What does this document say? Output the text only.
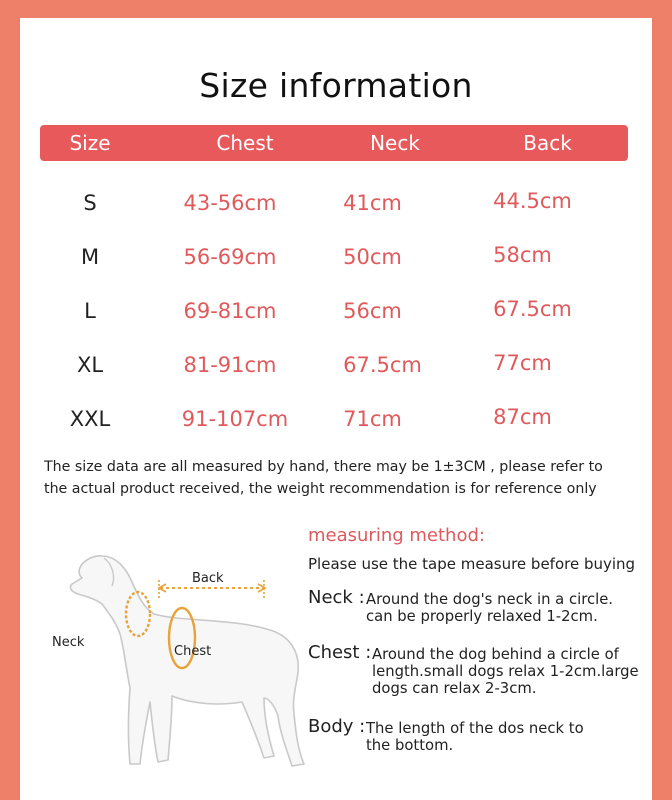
Size information
Size	Chest	Neck	Back
S	43-56cm	41cm	44.5cm
M	56-69cm	50cm	58cm
L	69-81cm	56cm	67.5cm
XL	81-91cm	67.5cm	77cm
XXL	91-107cm	71cm	87cm
The size data are all measured by hand, there may be 1±3CM , please refer to
the actual product received, the weight recommendation is for reference only
Back
Neck
Chest
measuring method:
Please use the tape measure before buying
Neck : Around the dog's neck in a circle.
can be properly relaxed 1-2cm.
Chest : Around the dog behind a circle of
length.small dogs relax 1-2cm.large
dogs can relax 2-3cm.
Body : The length of the dos neck to
the bottom.
